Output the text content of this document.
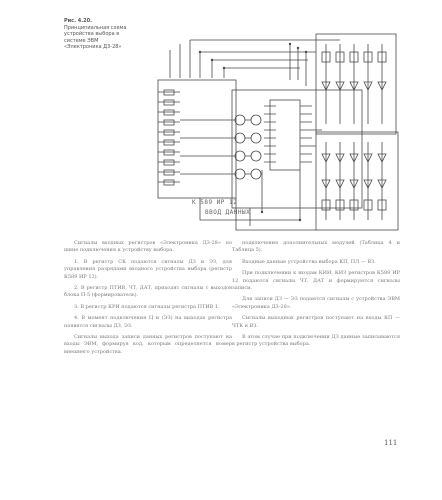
Рис. 4.20. Принципиальная схема устройства выбора в системе ЭВМ «Электроника Д3-28»
К 589 ИР 12
ВВОД ДАННЫХ

Сигналы входных регистров «Электроника Д3-28» по шине подключения к устройству выбора.

1. В регистр СК подаются сигналы ДЗ и ЭЗ, для управления разрядами входного устройства выбора (регистр К589 ИР 12).

2. В регистр ПТИВ, ЧТ, ДАТ, приходят сигналы с выходов блока П-5 (формирователь).

3. В регистр КРИ подаются сигналы регистра ПТИВ 1.

4. В момент подключения Ц и (ЭЗ) на выходах регистра появятся сигналы ДЗ, ЭЗ.

Сигналы выхода записи данных регистров поступают на входы ЭВМ, формируя код, которым определяется номер внешнего устройства.

подключения дополнительных модулей (Таблица 4 и Таблица 5).

Входные данные устройства выбора КП, ПЛ — ВЗ.

При подключении к входам КИИ, КИЗ регистров К589 ИР 12 подаются сигналы ЧТ, ДАТ и формируются сигналы записи.

Для записи ДЗ — ЭЗ подаются сигналы с устройства ЭВМ «Электроника Д3-28».

Сигналы выходных регистров поступают на входы КП — ЧТК и ВЗ.

В этом случае при подключении ДЗ данные записываются в регистр устройства выбора.

111
